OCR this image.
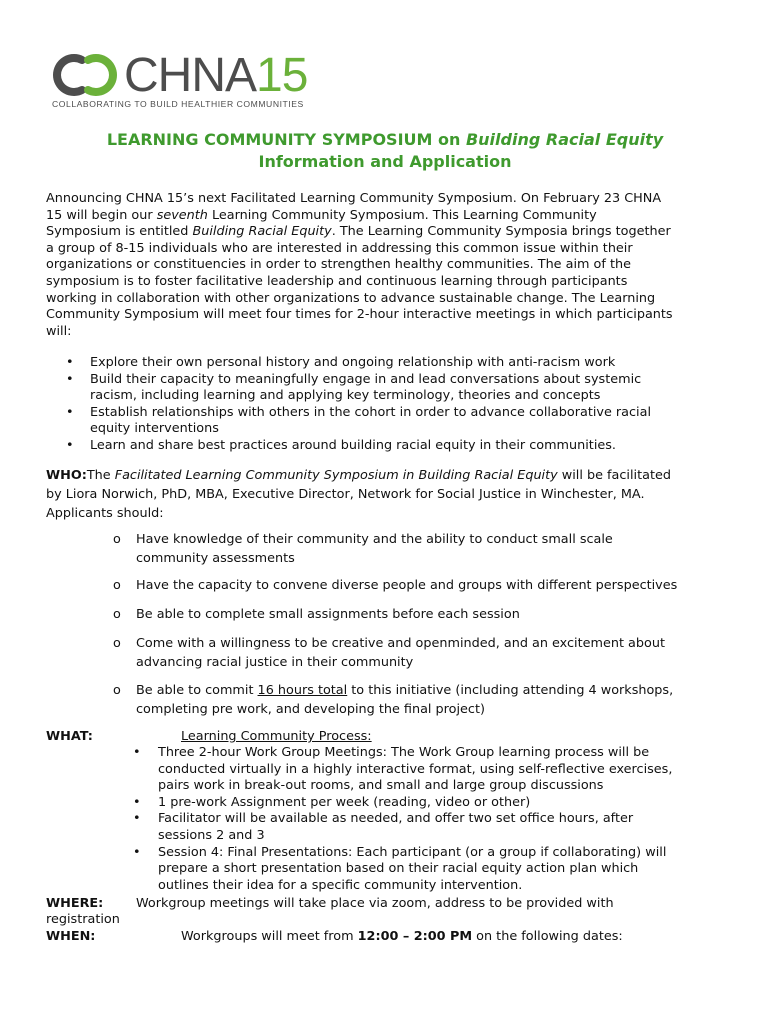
CHNA15
COLLABORATING TO BUILD HEALTHIER COMMUNITIES
LEARNING COMMUNITY SYMPOSIUM on Building Racial Equity
Information and Application
Announcing CHNA 15’s next Facilitated Learning Community Symposium. On February 23 CHNA
15 will begin our seventh Learning Community Symposium. This Learning Community
Symposium is entitled Building Racial Equity. The Learning Community Symposia brings together
a group of 8-15 individuals who are interested in addressing this common issue within their
organizations or constituencies in order to strengthen healthy communities. The aim of the
symposium is to foster facilitative leadership and continuous learning through participants
working in collaboration with other organizations to advance sustainable change. The Learning
Community Symposium will meet four times for 2-hour interactive meetings in which participants
will:
•	Explore their own personal history and ongoing relationship with anti-racism work
•	Build their capacity to meaningfully engage in and lead conversations about systemic
racism, including learning and applying key terminology, theories and concepts
•	Establish relationships with others in the cohort in order to advance collaborative racial
equity interventions
•	Learn and share best practices around building racial equity in their communities.
WHO:The Facilitated Learning Community Symposium in Building Racial Equity will be facilitated
by Liora Norwich, PhD, MBA, Executive Director, Network for Social Justice in Winchester, MA.
Applicants should:
o Have knowledge of their community and the ability to conduct small scale
community assessments
o Have the capacity to convene diverse people and groups with different perspectives
o Be able to complete small assignments before each session
o Come with a willingness to be creative and openminded, and an excitement about
advancing racial justice in their community
o Be able to commit 16 hours total to this initiative (including attending 4 workshops,
completing pre work, and developing the final project)
WHAT:	Learning Community Process:
•	Three 2-hour Work Group Meetings: The Work Group learning process will be
conducted virtually in a highly interactive format, using self-reflective exercises,
pairs work in break-out rooms, and small and large group discussions
•	1 pre-work Assignment per week (reading, video or other)
•	Facilitator will be available as needed, and offer two set office hours, after
sessions 2 and 3
•	Session 4: Final Presentations: Each participant (or a group if collaborating) will
prepare a short presentation based on their racial equity action plan which
outlines their idea for a specific community intervention.
WHERE:	Workgroup meetings will take place via zoom, address to be provided with
registration
WHEN:	Workgroups will meet from 12:00 – 2:00 PM on the following dates:
